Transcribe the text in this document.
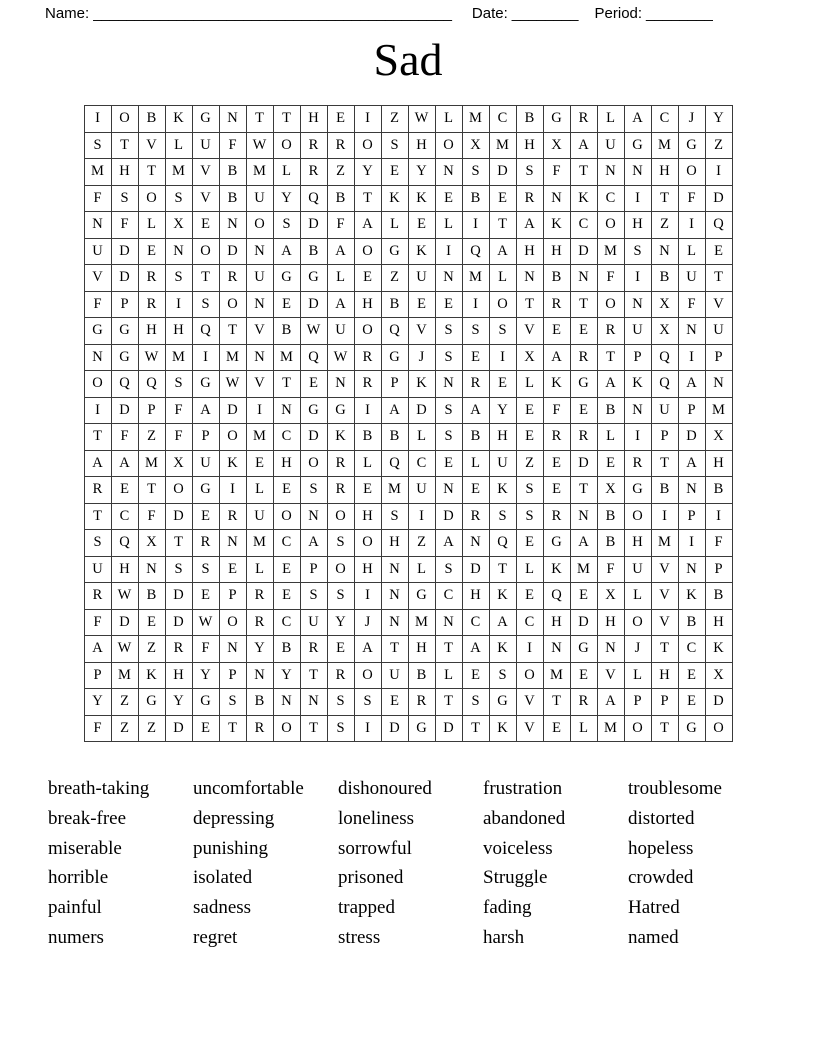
Name: ___________________________________________ Date: ________ Period: ________
Sad
I	O	B	K	G	N	T	T	H	E	I	Z	W	L	M	C	B	G	R	L	A	C	J	Y
S	T	V	L	U	F	W	O	R	R	O	S	H	O	X	M	H	X	A	U	G	M	G	Z
M	H	T	M	V	B	M	L	R	Z	Y	E	Y	N	S	D	S	F	T	N	N	H	O	I
F	S	O	S	V	B	U	Y	Q	B	T	K	K	E	B	E	R	N	K	C	I	T	F	D
N	F	L	X	E	N	O	S	D	F	A	L	E	L	I	T	A	K	C	O	H	Z	I	Q
U	D	E	N	O	D	N	A	B	A	O	G	K	I	Q	A	H	H	D	M	S	N	L	E
V	D	R	S	T	R	U	G	G	L	E	Z	U	N	M	L	N	B	N	F	I	B	U	T
F	P	R	I	S	O	N	E	D	A	H	B	E	E	I	O	T	R	T	O	N	X	F	V
G	G	H	H	Q	T	V	B	W	U	O	Q	V	S	S	S	V	E	E	R	U	X	N	U
N	G	W	M	I	M	N	M	Q	W	R	G	J	S	E	I	X	A	R	T	P	Q	I	P
O	Q	Q	S	G	W	V	T	E	N	R	P	K	N	R	E	L	K	G	A	K	Q	A	N
I	D	P	F	A	D	I	N	G	G	I	A	D	S	A	Y	E	F	E	B	N	U	P	M
T	F	Z	F	P	O	M	C	D	K	B	B	L	S	B	H	E	R	R	L	I	P	D	X
A	A	M	X	U	K	E	H	O	R	L	Q	C	E	L	U	Z	E	D	E	R	T	A	H
R	E	T	O	G	I	L	E	S	R	E	M	U	N	E	K	S	E	T	X	G	B	N	B
T	C	F	D	E	R	U	O	N	O	H	S	I	D	R	S	S	R	N	B	O	I	P	I
S	Q	X	T	R	N	M	C	A	S	O	H	Z	A	N	Q	E	G	A	B	H	M	I	F
U	H	N	S	S	E	L	E	P	O	H	N	L	S	D	T	L	K	M	F	U	V	N	P
R	W	B	D	E	P	R	E	S	S	I	N	G	C	H	K	E	Q	E	X	L	V	K	B
F	D	E	D	W	O	R	C	U	Y	J	N	M	N	C	A	C	H	D	H	O	V	B	H
A	W	Z	R	F	N	Y	B	R	E	A	T	H	T	A	K	I	N	G	N	J	T	C	K
P	M	K	H	Y	P	N	Y	T	R	O	U	B	L	E	S	O	M	E	V	L	H	E	X
Y	Z	G	Y	G	S	B	N	N	S	S	E	R	T	S	G	V	T	R	A	P	P	E	D
F	Z	Z	D	E	T	R	O	T	S	I	D	G	D	T	K	V	E	L	M	O	T	G	O
breath-taking
break-free
miserable
horrible
painful
numers
uncomfortable
depressing
punishing
isolated
sadness
regret
dishonoured
loneliness
sorrowful
prisoned
trapped
stress
frustration
abandoned
voiceless
Struggle
fading
harsh
troublesome
distorted
hopeless
crowded
Hatred
named
